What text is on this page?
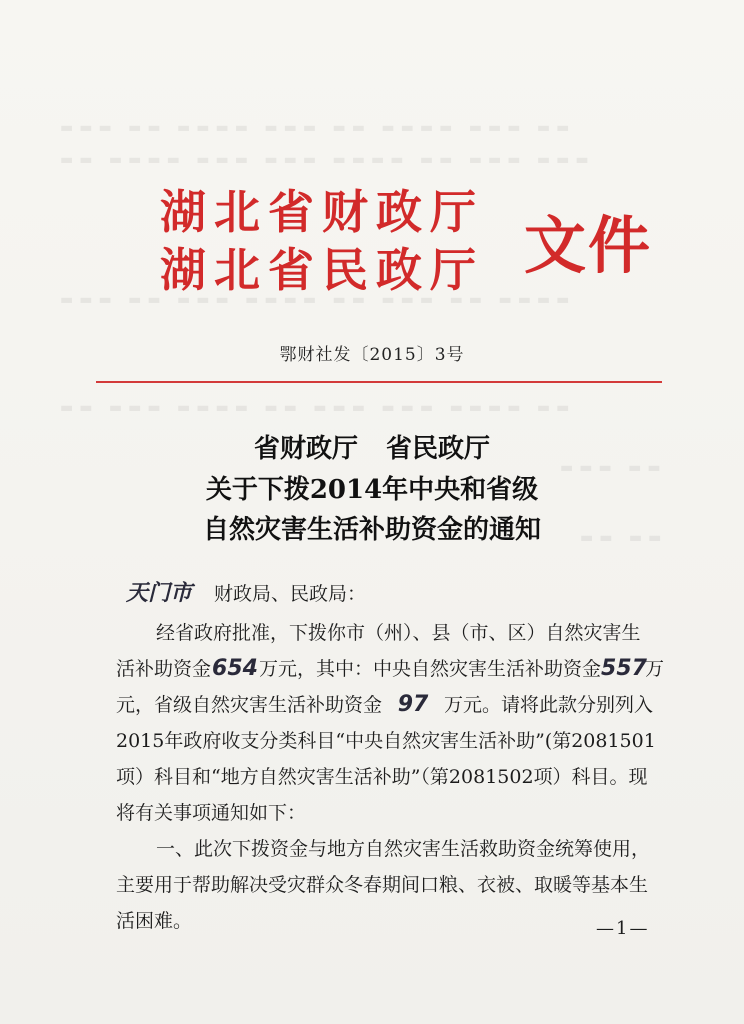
▬▬▬ ▬▬ ▬▬▬▬ ▬▬▬ ▬▬ ▬▬▬▬ ▬▬▬ ▬▬
▬▬ ▬▬▬▬ ▬▬▬ ▬▬▬ ▬▬▬▬ ▬▬ ▬▬▬ ▬▬▬
▬▬▬ ▬▬ ▬▬▬ ▬▬▬▬ ▬▬ ▬▬▬ ▬▬ ▬▬▬▬
▬▬ ▬▬▬ ▬▬▬▬ ▬▬ ▬▬▬ ▬▬▬ ▬▬▬▬ ▬▬
▬▬▬ ▬▬
▬▬ ▬▬
湖北省财政厅
湖北省民政厅 文件
鄂财社发〔2015〕3号
省财政厅 省民政厅
关于下拨2014年中央和省级
自然灾害生活补助资金的通知
天门市 财政局、民政局：
经省政府批准，下拨你市（州）、县（市、区）自然灾害生
活补助资金654万元，其中：中央自然灾害生活补助资金557万
元，省级自然灾害生活补助资金 97 万元。请将此款分别列入
2015年政府收支分类科目“中央自然灾害生活补助”(第2081501
项）科目和“地方自然灾害生活补助”（第2081502项）科目。现
将有关事项通知如下：
一、此次下拨资金与地方自然灾害生活救助资金统筹使用，
主要用于帮助解决受灾群众冬春期间口粮、衣被、取暖等基本生
活困难。	—1—
